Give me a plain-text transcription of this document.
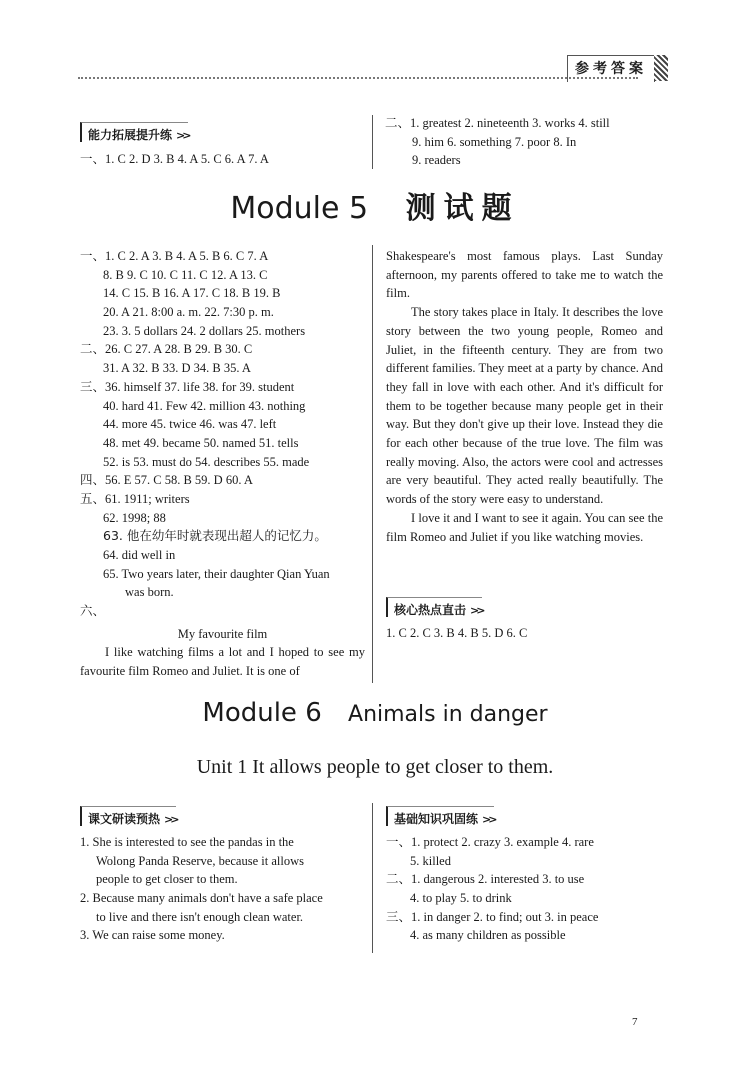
参考答案
能力拓展提升练 >>
一、1. C 2. D 3. B 4. A 5. C 6. A 7. A
二、1. greatest 2. nineteenth 3. works 4. still
9. him 6. something 7. poor 8. In
9. readers
Module 5 测试题
一、1. C 2. A 3. B 4. A 5. B 6. C 7. A
8. B 9. C 10. C 11. C 12. A 13. C
14. C 15. B 16. A 17. C 18. B 19. B
20. A 21. 8:00 a. m. 22. 7:30 p. m.
23. 3. 5 dollars 24. 2 dollars 25. mothers
二、26. C 27. A 28. B 29. B 30. C
31. A 32. B 33. D 34. B 35. A
三、36. himself 37. life 38. for 39. student
40. hard 41. Few 42. million 43. nothing
44. more 45. twice 46. was 47. left
48. met 49. became 50. named 51. tells
52. is 53. must do 54. describes 55. made
四、56. E 57. C 58. B 59. D 60. A
五、61. 1911; writers
62. 1998; 88
63. 他在幼年时就表现出超人的记忆力。
64. did well in
65. Two years later, their daughter Qian Yuan
was born.
六、
My favourite film

I like watching films a lot and I hoped to see my favourite film Romeo and Juliet. It is one of

Shakespeare's most famous plays. Last Sunday afternoon, my parents offered to take me to watch the film.

The story takes place in Italy. It describes the love story between the two young people, Romeo and Juliet, in the fifteenth century. They are from two different families. They meet at a party by chance. And they fall in love with each other. And it's difficult for them to be together because many people get in their way. But they don't give up their love. Instead they die for each other because of the true love. The film was really moving. Also, the actors were cool and actresses are very beautiful. They acted really beautifully. The words of the story were easy to understand.

I love it and I want to see it again. You can see the film Romeo and Juliet if you like watching movies.

核心热点直击 >>
1. C 2. C 3. B 4. B 5. D 6. C
Module 6 Animals in danger
Unit 1 It allows people to get closer to them.
课文研读预热 >>
1. She is interested to see the pandas in the
Wolong Panda Reserve, because it allows
people to get closer to them.
2. Because many animals don't have a safe place
to live and there isn't enough clean water.
3. We can raise some money.
基础知识巩固练 >>
一、1. protect 2. crazy 3. example 4. rare
5. killed
二、1. dangerous 2. interested 3. to use
4. to play 5. to drink
三、1. in danger 2. to find; out 3. in peace
4. as many children as possible
7
